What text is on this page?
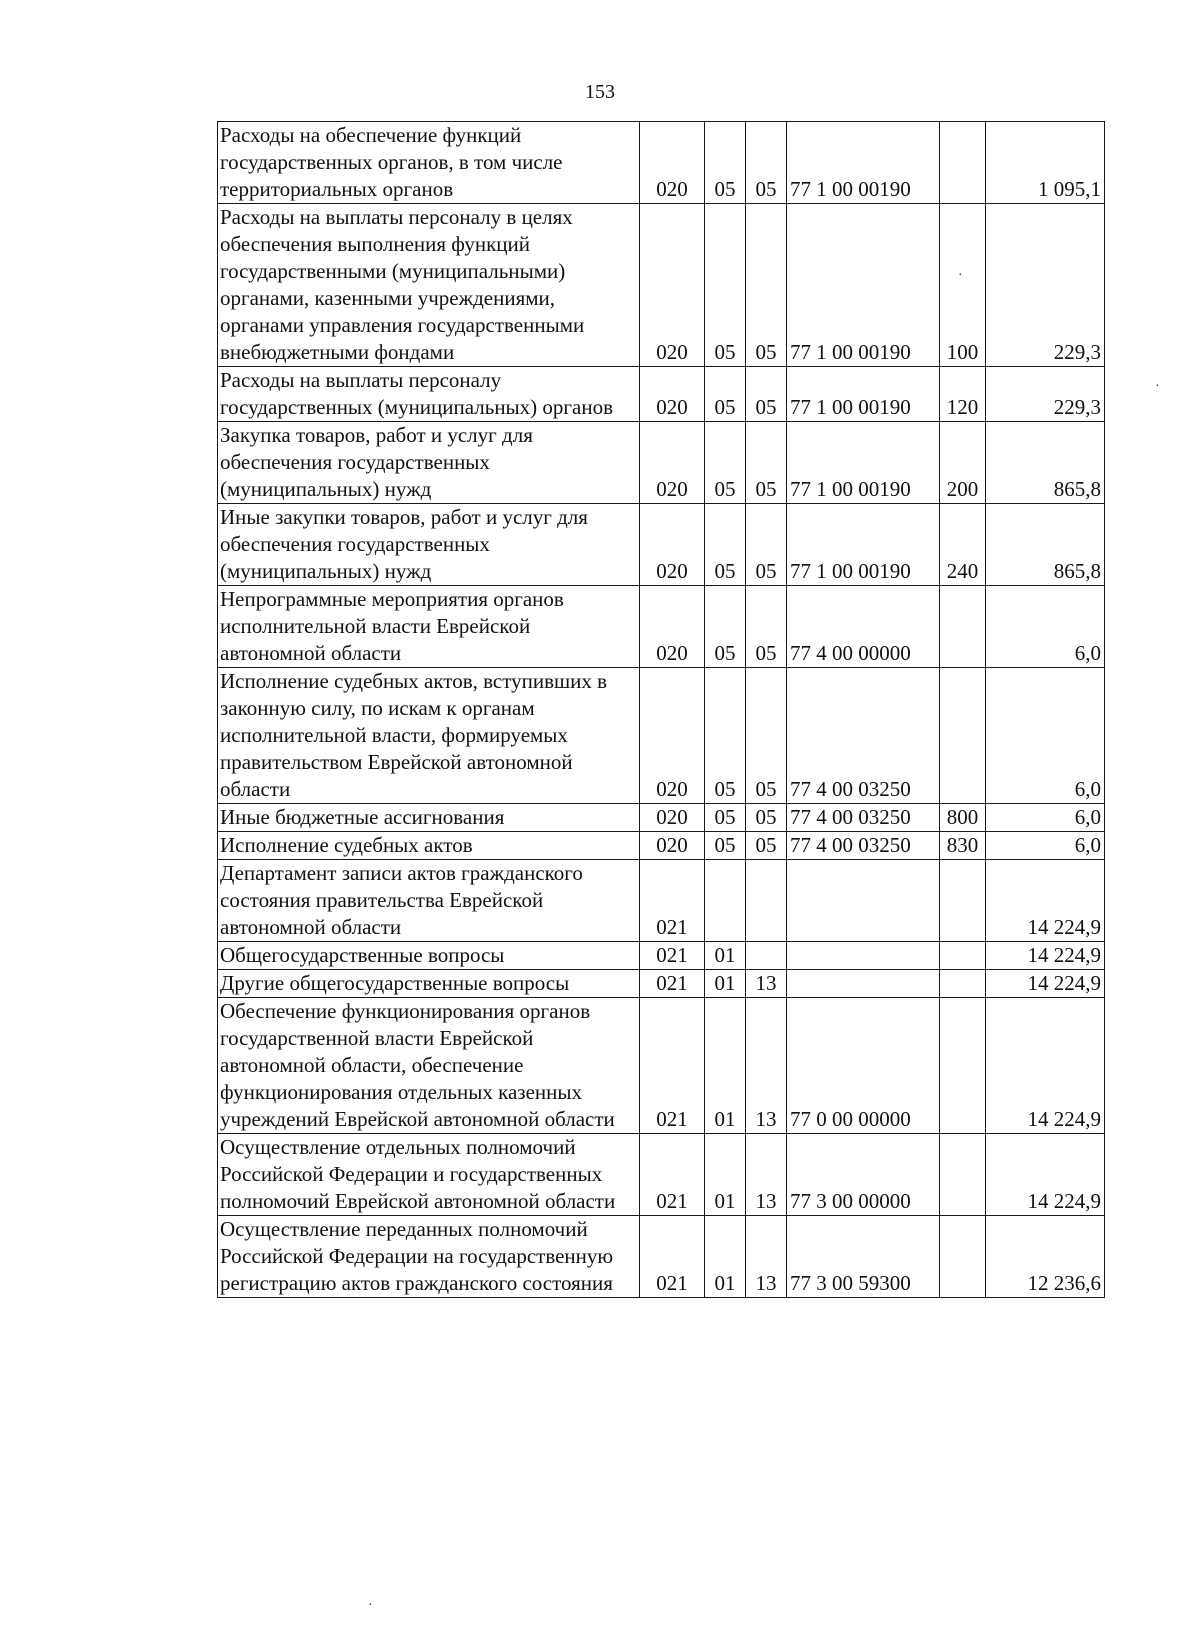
153
Расходы на обеспечение функций государственных органов, в том числе территориальных органов	020	05	05	77 1 00 00190		1 095,1
Расходы на выплаты персоналу в целях обеспечения выполнения функций государственными (муниципальными) органами, казенными учреждениями, органами управления государственными внебюджетными фондами	020	05	05	77 1 00 00190	100	229,3
Расходы на выплаты персоналу государственных (муниципальных) органов	020	05	05	77 1 00 00190	120	229,3
Закупка товаров, работ и услуг для обеспечения государственных (муниципальных) нужд	020	05	05	77 1 00 00190	200	865,8
Иные закупки товаров, работ и услуг для обеспечения государственных (муниципальных) нужд	020	05	05	77 1 00 00190	240	865,8
Непрограммные мероприятия органов исполнительной власти Еврейской автономной области	020	05	05	77 4 00 00000		6,0
Исполнение судебных актов, вступивших в законную силу, по искам к органам исполнительной власти, формируемых правительством Еврейской автономной области	020	05	05	77 4 00 03250		6,0
Иные бюджетные ассигнования	020	05	05	77 4 00 03250	800	6,0
Исполнение судебных актов	020	05	05	77 4 00 03250	830	6,0
Департамент записи актов гражданского состояния правительства Еврейской автономной области	021					14 224,9
Общегосударственные вопросы	021	01				14 224,9
Другие общегосударственные вопросы	021	01	13			14 224,9
Обеспечение функционирования органов государственной власти Еврейской автономной области, обеспечение функционирования отдельных казенных учреждений Еврейской автономной области	021	01	13	77 0 00 00000		14 224,9
Осуществление отдельных полномочий Российской Федерации и государственных полномочий Еврейской автономной области	021	01	13	77 3 00 00000		14 224,9
Осуществление переданных полномочий Российской Федерации на государственную регистрацию актов гражданского состояния	021	01	13	77 3 00 59300		12 236,6
·
·
·
